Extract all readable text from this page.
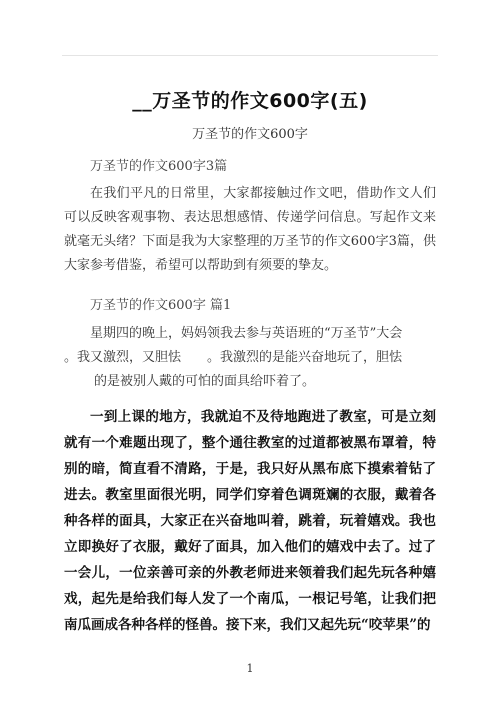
__万圣节的作文600字(五)
万圣节的作文600字
万圣节的作文600字3篇

在我们平凡的日常里，大家都接触过作文吧，借助作文人们可以反映客观事物、表达思想感情、传递学问信息。写起作文来就毫无头绪？下面是我为大家整理的万圣节的作文600字3篇，供大家参考借鉴，希望可以帮助到有须要的挚友。

万圣节的作文600字 篇1
星期四的晚上，妈妈领我去参与英语班的“万圣节”大会
。我又激烈，又胆怯　　。我激烈的是能兴奋地玩了，胆怯
的是被别人戴的可怕的面具给吓着了。

一到上课的地方，我就迫不及待地跑进了教室，可是立刻就有一个难题出现了，整个通往教室的过道都被黑布罩着，特别的暗，简直看不清路，于是，我只好从黑布底下摸索着钻了进去。教室里面很光明，同学们穿着色调斑斓的衣服，戴着各种各样的面具，大家正在兴奋地叫着，跳着，玩着嬉戏。我也立即换好了衣服，戴好了面具，加入他们的嬉戏中去了。过了一会儿，一位亲善可亲的外教老师进来领着我们起先玩各种嬉戏，起先是给我们每人发了一个南瓜，一根记号笔，让我们把南瓜画成各种各样的怪兽。接下来，我们又起先玩“咬苹果”的

1
